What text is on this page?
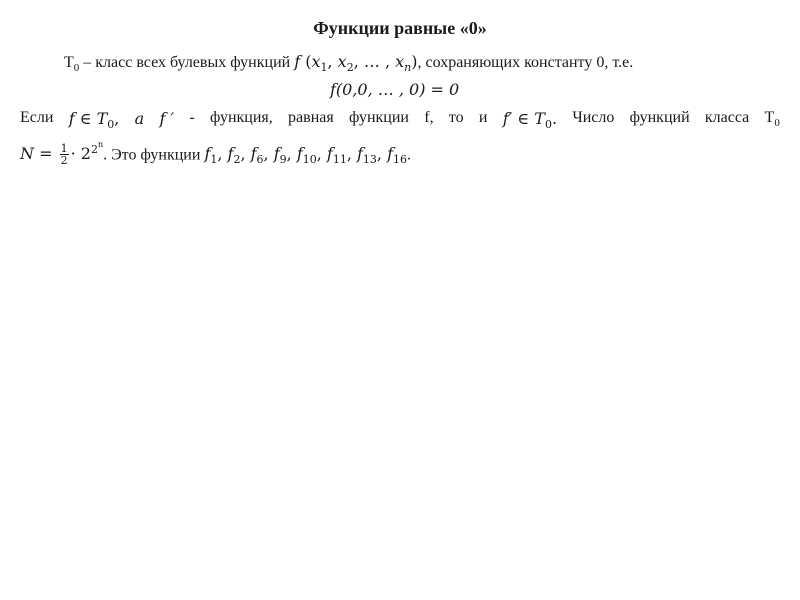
Функции равные «0»
$T_0$ – класс всех булевых функций f ($x_1$, $x_2$, … , $x_n$), сохраняющих константу 0, т.е.
f(0,0, … , 0) = 0
Если f ∈ $T_0$, a f ′ - функция, равная функции f, то и f′ ∈ $T_0$. Число функций класса $T_0$
$N = \frac{1}{2} \cdot 2^{2^n}$. Это функции $f_1$, $f_2$, $f_6$, $f_9$, $f_{10}$, $f_{11}$, $f_{13}$, $f_{16}$.
